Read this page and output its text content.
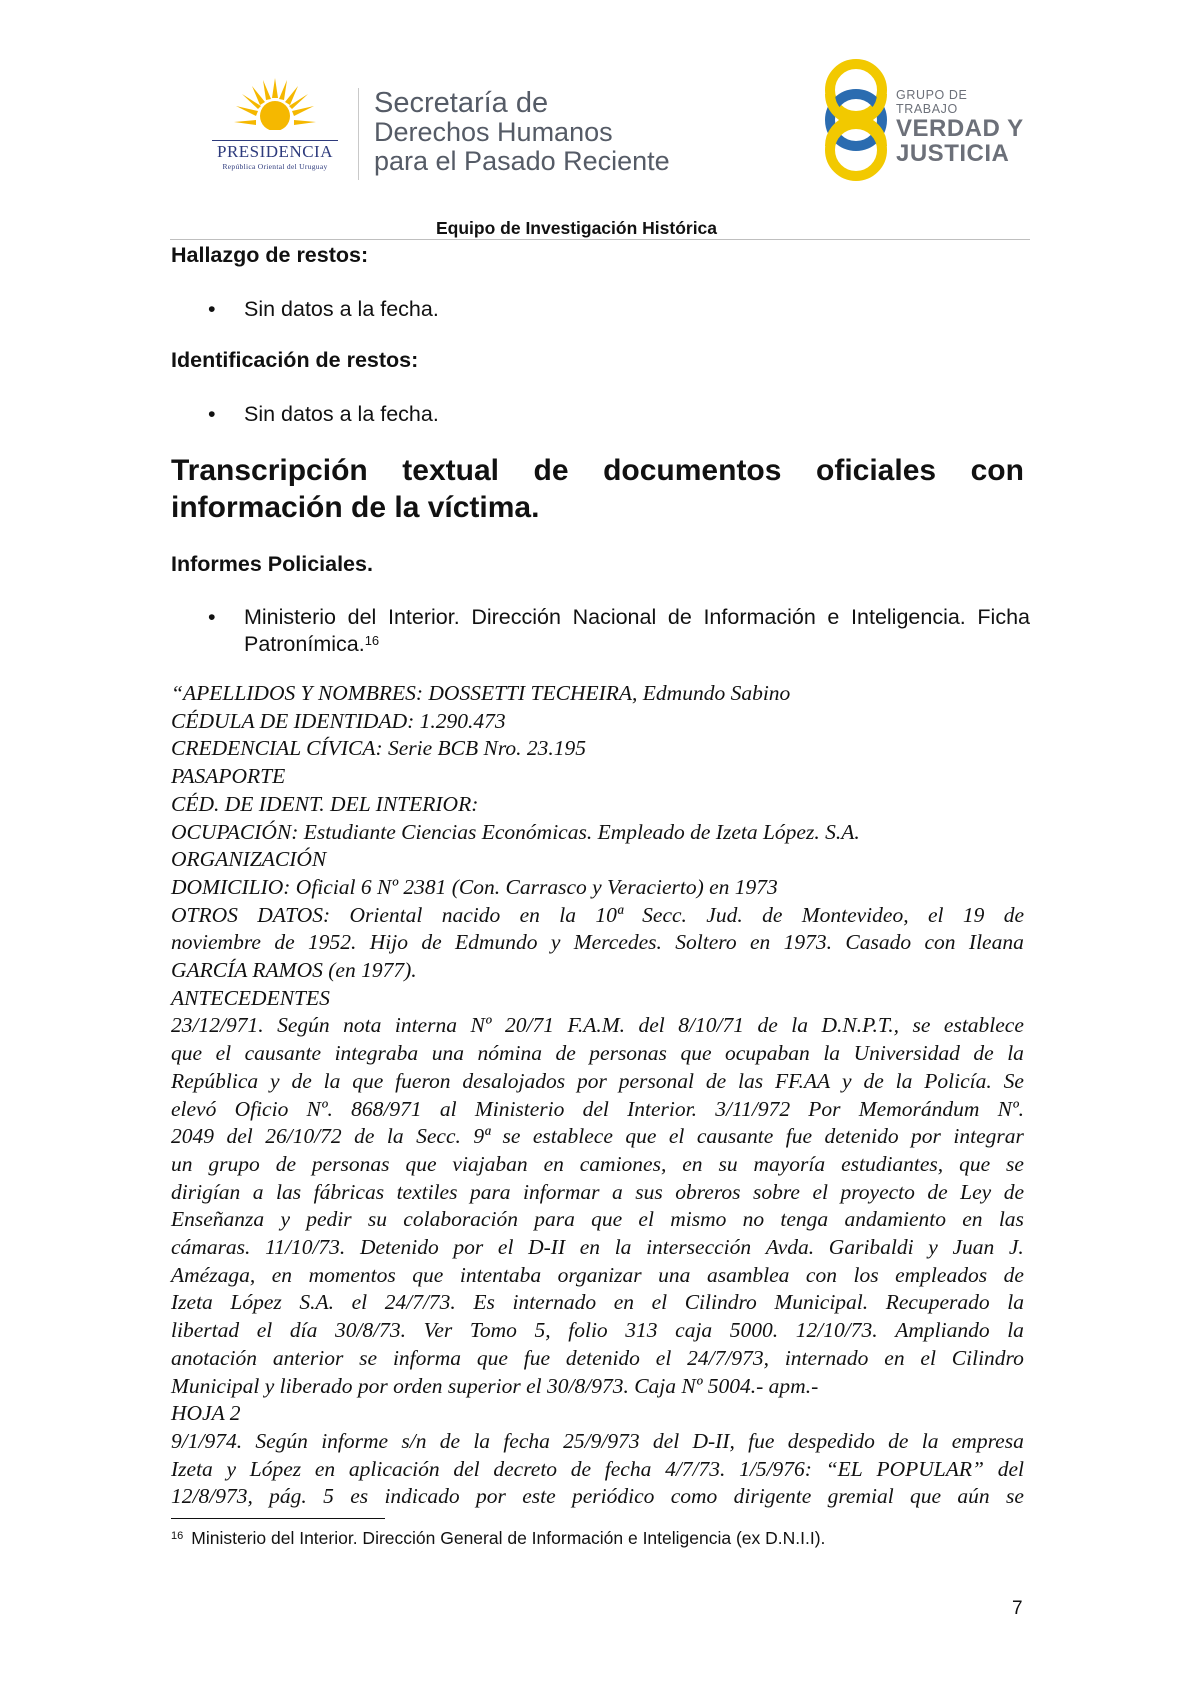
PRESIDENCIA
República Oriental del Uruguay
Secretaría de
Derechos Humanos
para el Pasado Reciente
GRUPO DE TRABAJO
VERDAD Y
JUSTICIA
Equipo de Investigación Histórica
Hallazgo de restos:
• Sin datos a la fecha.
Identificación de restos:
• Sin datos a la fecha.
Transcripción textual de documentos oficiales con
información de la víctima.
Informes Policiales.
• Ministerio del Interior. Dirección Nacional de Información e Inteligencia. Ficha Patronímica.$^{16}$
“APELLIDOS Y NOMBRES: DOSSETTI TECHEIRA, Edmundo Sabino
CÉDULA DE IDENTIDAD: 1.290.473
CREDENCIAL CÍVICA: Serie BCB Nro. 23.195
PASAPORTE
CÉD. DE IDENT. DEL INTERIOR:
OCUPACIÓN: Estudiante Ciencias Económicas. Empleado de Izeta López. S.A.
ORGANIZACIÓN
DOMICILIO: Oficial 6 Nº 2381 (Con. Carrasco y Veracierto) en 1973
OTROS DATOS: Oriental nacido en la 10ª Secc. Jud. de Montevideo, el 19 de
noviembre de 1952. Hijo de Edmundo y Mercedes. Soltero en 1973. Casado con Ileana
GARCÍA RAMOS (en 1977).
ANTECEDENTES
23/12/971. Según nota interna Nº 20/71 F.A.M. del 8/10/71 de la D.N.P.T., se establece
que el causante integraba una nómina de personas que ocupaban la Universidad de la
República y de la que fueron desalojados por personal de las FF.AA y de la Policía. Se
elevó Oficio Nº. 868/971 al Ministerio del Interior. 3/11/972 Por Memorándum Nº.
2049 del 26/10/72 de la Secc. 9ª se establece que el causante fue detenido por integrar
un grupo de personas que viajaban en camiones, en su mayoría estudiantes, que se
dirigían a las fábricas textiles para informar a sus obreros sobre el proyecto de Ley de
Enseñanza y pedir su colaboración para que el mismo no tenga andamiento en las
cámaras. 11/10/73. Detenido por el D-II en la intersección Avda. Garibaldi y Juan J.
Amézaga, en momentos que intentaba organizar una asamblea con los empleados de
Izeta López S.A. el 24/7/73. Es internado en el Cilindro Municipal. Recuperado la
libertad el día 30/8/73. Ver Tomo 5, folio 313 caja 5000. 12/10/73. Ampliando la
anotación anterior se informa que fue detenido el 24/7/973, internado en el Cilindro
Municipal y liberado por orden superior el 30/8/973. Caja Nº 5004.- apm.-
HOJA 2
9/1/974. Según informe s/n de la fecha 25/9/973 del D-II, fue despedido de la empresa
Izeta y López en aplicación del decreto de fecha 4/7/73. 1/5/976: “EL POPULAR” del
12/8/973, pág. 5 es indicado por este periódico como dirigente gremial que aún se
$^{16}$ Ministerio del Interior. Dirección General de Información e Inteligencia (ex D.N.I.I).
7
